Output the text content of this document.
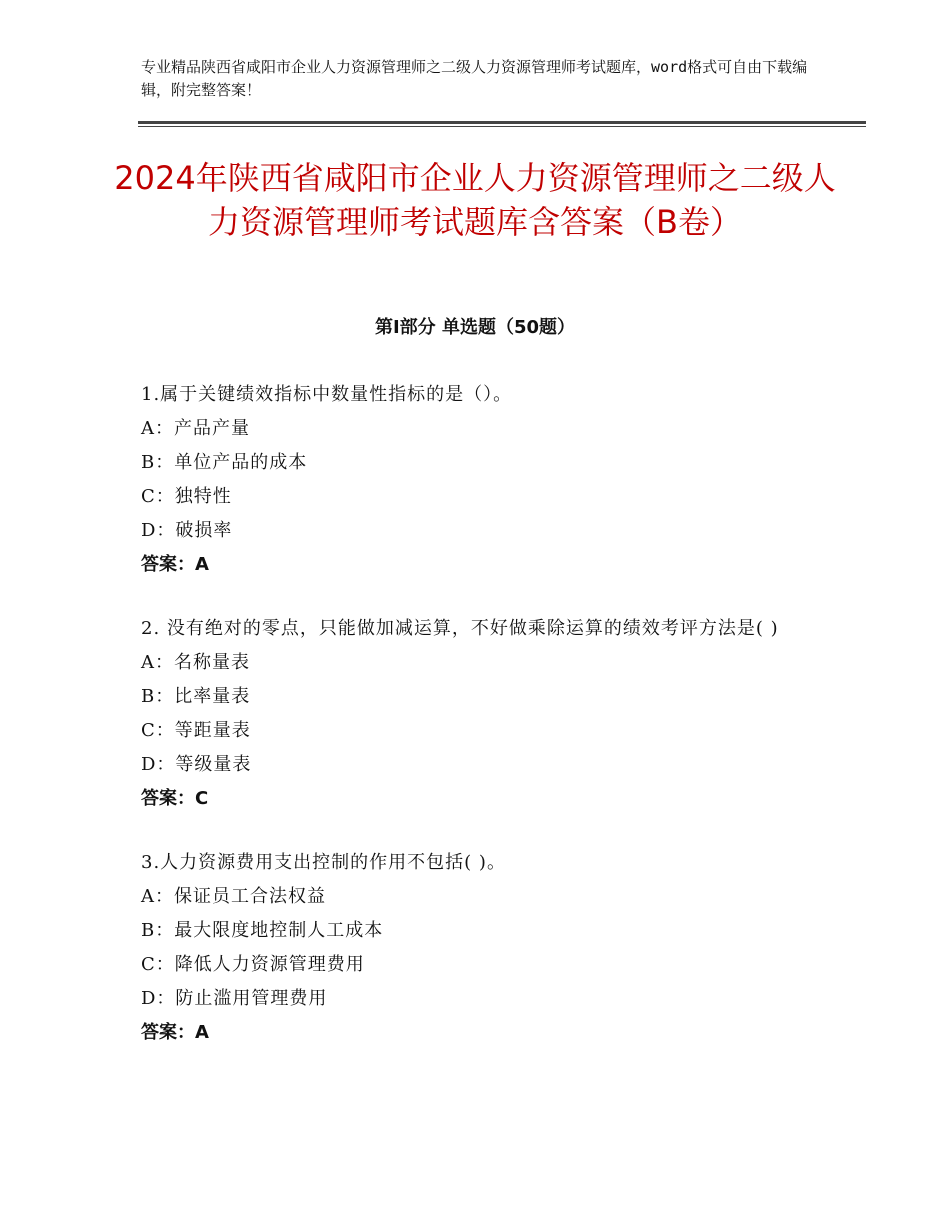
专业精品陕西省咸阳市企业人力资源管理师之二级人力资源管理师考试题库，word格式可自由下载编辑，附完整答案！
2024年陕西省咸阳市企业人力资源管理师之二级人力资源管理师考试题库含答案（B卷）
第Ⅰ部分 单选题（50题）

1.属于关键绩效指标中数量性指标的是（）。

A：产品产量

B：单位产品的成本

C：独特性

D：破损率

答案：A

2. 没有绝对的零点，只能做加减运算，不好做乘除运算的绩效考评方法是( )

A：名称量表

B：比率量表

C：等距量表

D：等级量表

答案：C

3.人力资源费用支出控制的作用不包括( )。

A：保证员工合法权益

B：最大限度地控制人工成本

C：降低人力资源管理费用

D：防止滥用管理费用

答案：A
